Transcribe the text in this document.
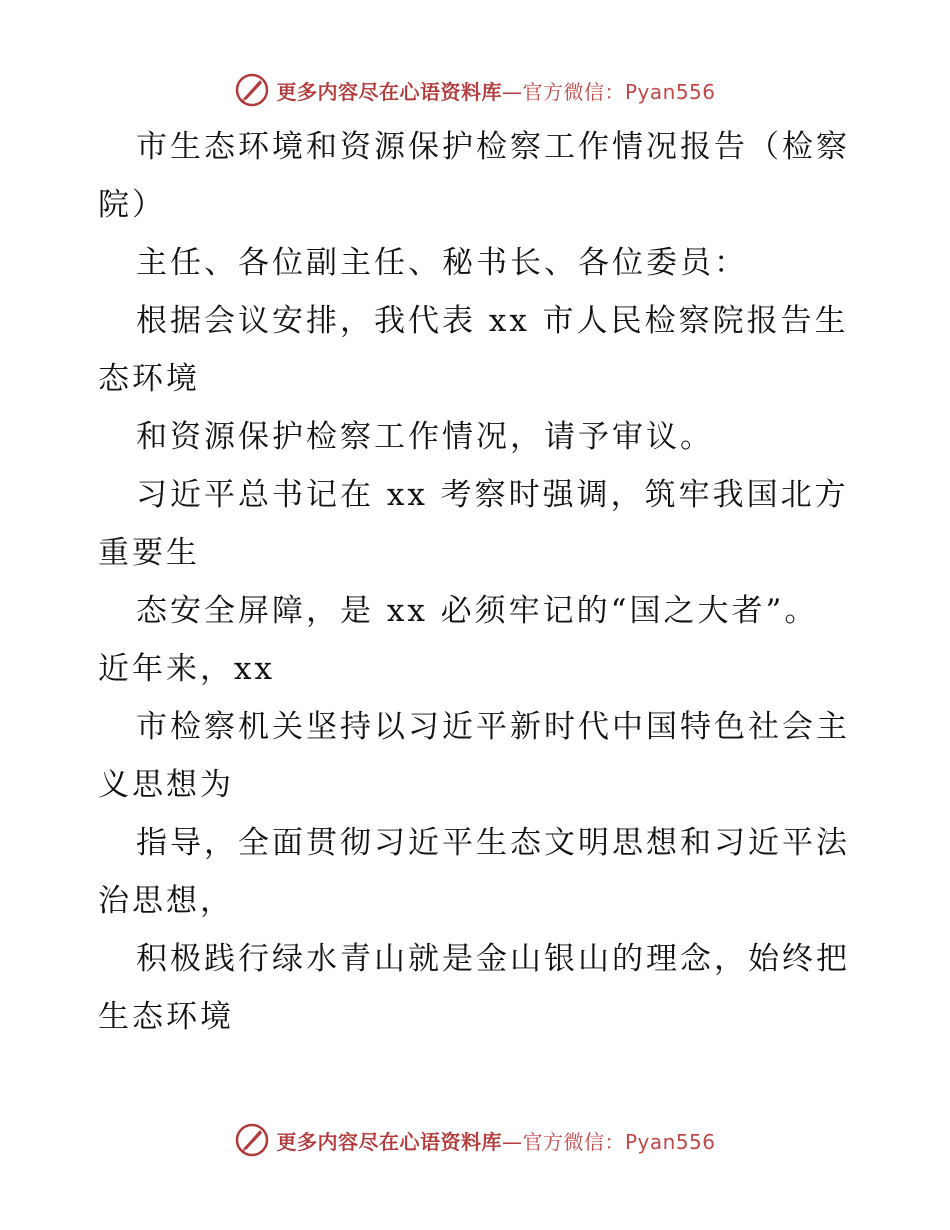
更多内容尽在心语资料库—官方微信：Pyan556
市生态环境和资源保护检察工作情况报告（检察
院）
主任、各位副主任、秘书长、各位委员：
根据会议安排，我代表 xx 市人民检察院报告生
态环境
和资源保护检察工作情况，请予审议。
习近平总书记在 xx 考察时强调，筑牢我国北方
重要生
态安全屏障，是 xx 必须牢记的“国之大者”。
近年来，xx
市检察机关坚持以习近平新时代中国特色社会主
义思想为
指导，全面贯彻习近平生态文明思想和习近平法
治思想，
积极践行绿水青山就是金山银山的理念，始终把
生态环境
更多内容尽在心语资料库—官方微信：Pyan556
